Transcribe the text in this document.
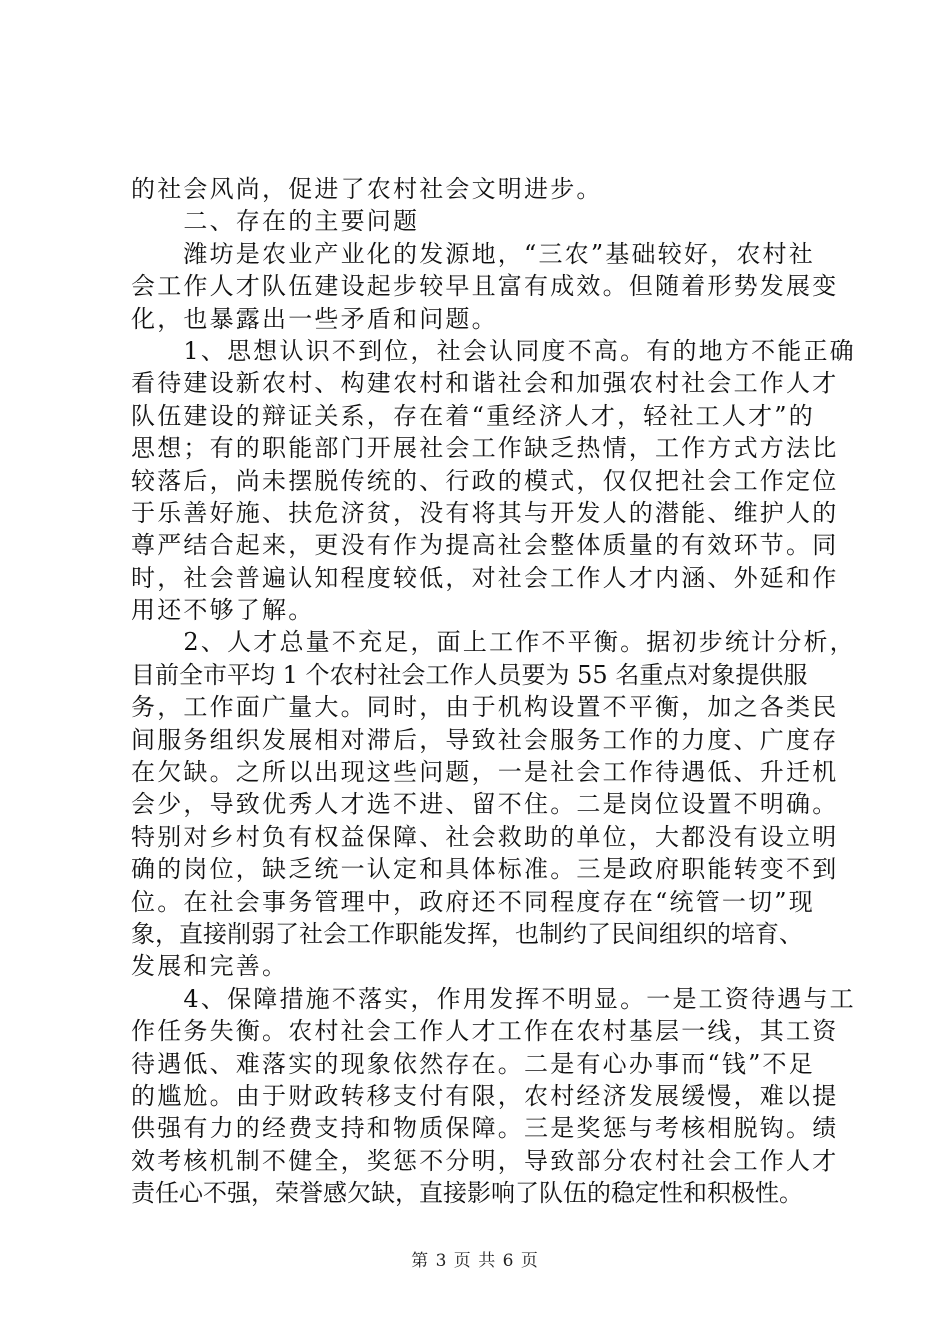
的社会风尚，促进了农村社会文明进步。
　　二、存在的主要问题
　　潍坊是农业产业化的发源地，“三农”基础较好，农村社
会工作人才队伍建设起步较早且富有成效。但随着形势发展变
化，也暴露出一些矛盾和问题。
　　1、思想认识不到位，社会认同度不高。有的地方不能正确
看待建设新农村、构建农村和谐社会和加强农村社会工作人才
队伍建设的辩证关系，存在着“重经济人才，轻社工人才”的
思想；有的职能部门开展社会工作缺乏热情，工作方式方法比
较落后，尚未摆脱传统的、行政的模式，仅仅把社会工作定位
于乐善好施、扶危济贫，没有将其与开发人的潜能、维护人的
尊严结合起来，更没有作为提高社会整体质量的有效环节。同
时，社会普遍认知程度较低，对社会工作人才内涵、外延和作
用还不够了解。
　　2、人才总量不充足，面上工作不平衡。据初步统计分析，
目前全市平均 1 个农村社会工作人员要为 55 名重点对象提供服
务，工作面广量大。同时，由于机构设置不平衡，加之各类民
间服务组织发展相对滞后，导致社会服务工作的力度、广度存
在欠缺。之所以出现这些问题，一是社会工作待遇低、升迁机
会少，导致优秀人才选不进、留不住。二是岗位设置不明确。
特别对乡村负有权益保障、社会救助的单位，大都没有设立明
确的岗位，缺乏统一认定和具体标准。三是政府职能转变不到
位。在社会事务管理中，政府还不同程度存在“统管一切”现
象，直接削弱了社会工作职能发挥，也制约了民间组织的培育、
发展和完善。
　　4、保障措施不落实，作用发挥不明显。一是工资待遇与工
作任务失衡。农村社会工作人才工作在农村基层一线，其工资
待遇低、难落实的现象依然存在。二是有心办事而“钱”不足
的尴尬。由于财政转移支付有限，农村经济发展缓慢，难以提
供强有力的经费支持和物质保障。三是奖惩与考核相脱钩。绩
效考核机制不健全，奖惩不分明，导致部分农村社会工作人才
责任心不强，荣誉感欠缺，直接影响了队伍的稳定性和积极性。
第 3 页 共 6 页
